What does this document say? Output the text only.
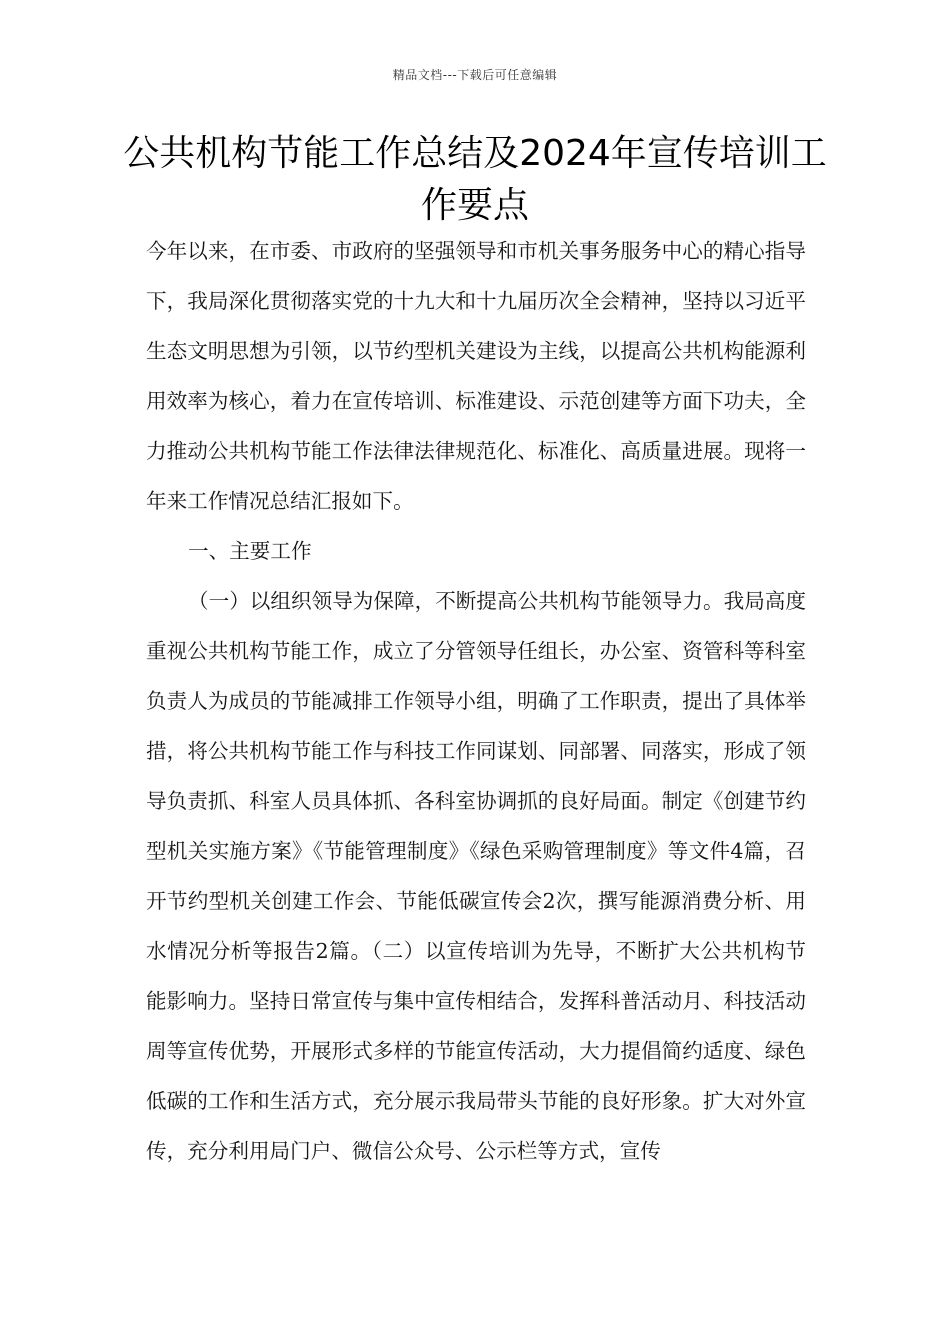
精品文档---下载后可任意编辑
公共机构节能工作总结及2024年宣传培训工作要点

今年以来，在市委、市政府的坚强领导和市机关事务服务中心的精心指导下，我局深化贯彻落实党的十九大和十九届历次全会精神，坚持以习近平生态文明思想为引领，以节约型机关建设为主线，以提高公共机构能源利用效率为核心，着力在宣传培训、标准建设、示范创建等方面下功夫，全力推动公共机构节能工作法律法律规范化、标准化、高质量进展。现将一年来工作情况总结汇报如下。

一、主要工作

（一）以组织领导为保障，不断提高公共机构节能领导力。我局高度重视公共机构节能工作，成立了分管领导任组长，办公室、资管科等科室负责人为成员的节能减排工作领导小组，明确了工作职责，提出了具体举措，将公共机构节能工作与科技工作同谋划、同部署、同落实，形成了领导负责抓、科室人员具体抓、各科室协调抓的良好局面。制定《创建节约型机关实施方案》《节能管理制度》《绿色采购管理制度》等文件4篇，召开节约型机关创建工作会、节能低碳宣传会2次，撰写能源消费分析、用水情况分析等报告2篇。（二）以宣传培训为先导，不断扩大公共机构节能影响力。坚持日常宣传与集中宣传相结合，发挥科普活动月、科技活动周等宣传优势，开展形式多样的节能宣传活动，大力提倡简约适度、绿色低碳的工作和生活方式，充分展示我局带头节能的良好形象。扩大对外宣传，充分利用局门户、微信公众号、公示栏等方式，宣传
